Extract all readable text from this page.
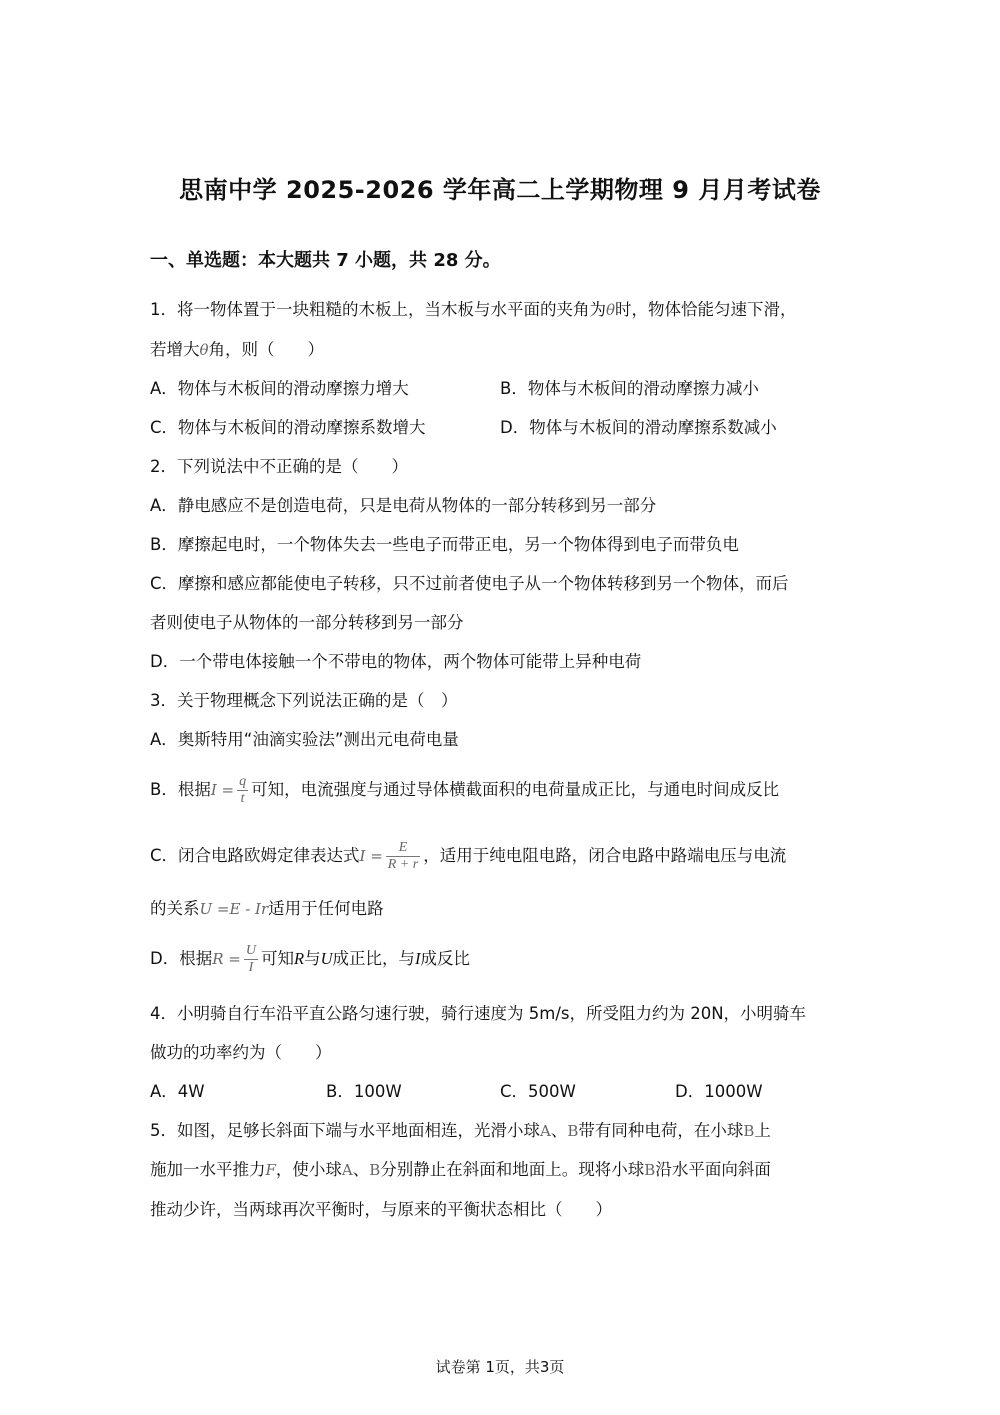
思南中学 2025-2026 学年高二上学期物理 9 月月考试卷
一、单选题：本大题共 7 小题，共 28 分。
1．将一物体置于一块粗糙的木板上，当木板与水平面的夹角为θ时，物体恰能匀速下滑，
若增大θ角，则（　　）
A．物体与木板间的滑动摩擦力增大	B．物体与木板间的滑动摩擦力减小
C．物体与木板间的滑动摩擦系数增大	D．物体与木板间的滑动摩擦系数减小
2．下列说法中不正确的是（　　）
A．静电感应不是创造电荷，只是电荷从物体的一部分转移到另一部分
B．摩擦起电时，一个物体失去一些电子而带正电，另一个物体得到电子而带负电
C．摩擦和感应都能使电子转移，只不过前者使电子从一个物体转移到另一个物体，而后
者则使电子从物体的一部分转移到另一部分
D．一个带电体接触一个不带电的物体，两个物体可能带上异种电荷
3．关于物理概念下列说法正确的是（　）
A．奥斯特用“油滴实验法”测出元电荷电量
B．根据$I = \frac{q}{t}$ 可知，电流强度与通过导体横截面积的电荷量成正比，与通电时间成反比
C．闭合电路欧姆定律表达式$I = \frac{E}{R + r}$ ，适用于纯电阻电路，闭合电路中路端电压与电流
的关系U =E - Ir适用于任何电路
D．根据$R = \frac{U}{I}$ 可知R与U成正比，与I成反比
4．小明骑自行车沿平直公路匀速行驶，骑行速度为 5m/s，所受阻力约为 20N，小明骑车
做功的功率约为（　　）
A．4W	B．100W	C．500W	D．1000W
5．如图，足够长斜面下端与水平地面相连，光滑小球A、B带有同种电荷，在小球B上
施加一水平推力F，使小球A、B分别静止在斜面和地面上。现将小球B沿水平面向斜面
推动少许，当两球再次平衡时，与原来的平衡状态相比（　　）
试卷第 1页，共3页
